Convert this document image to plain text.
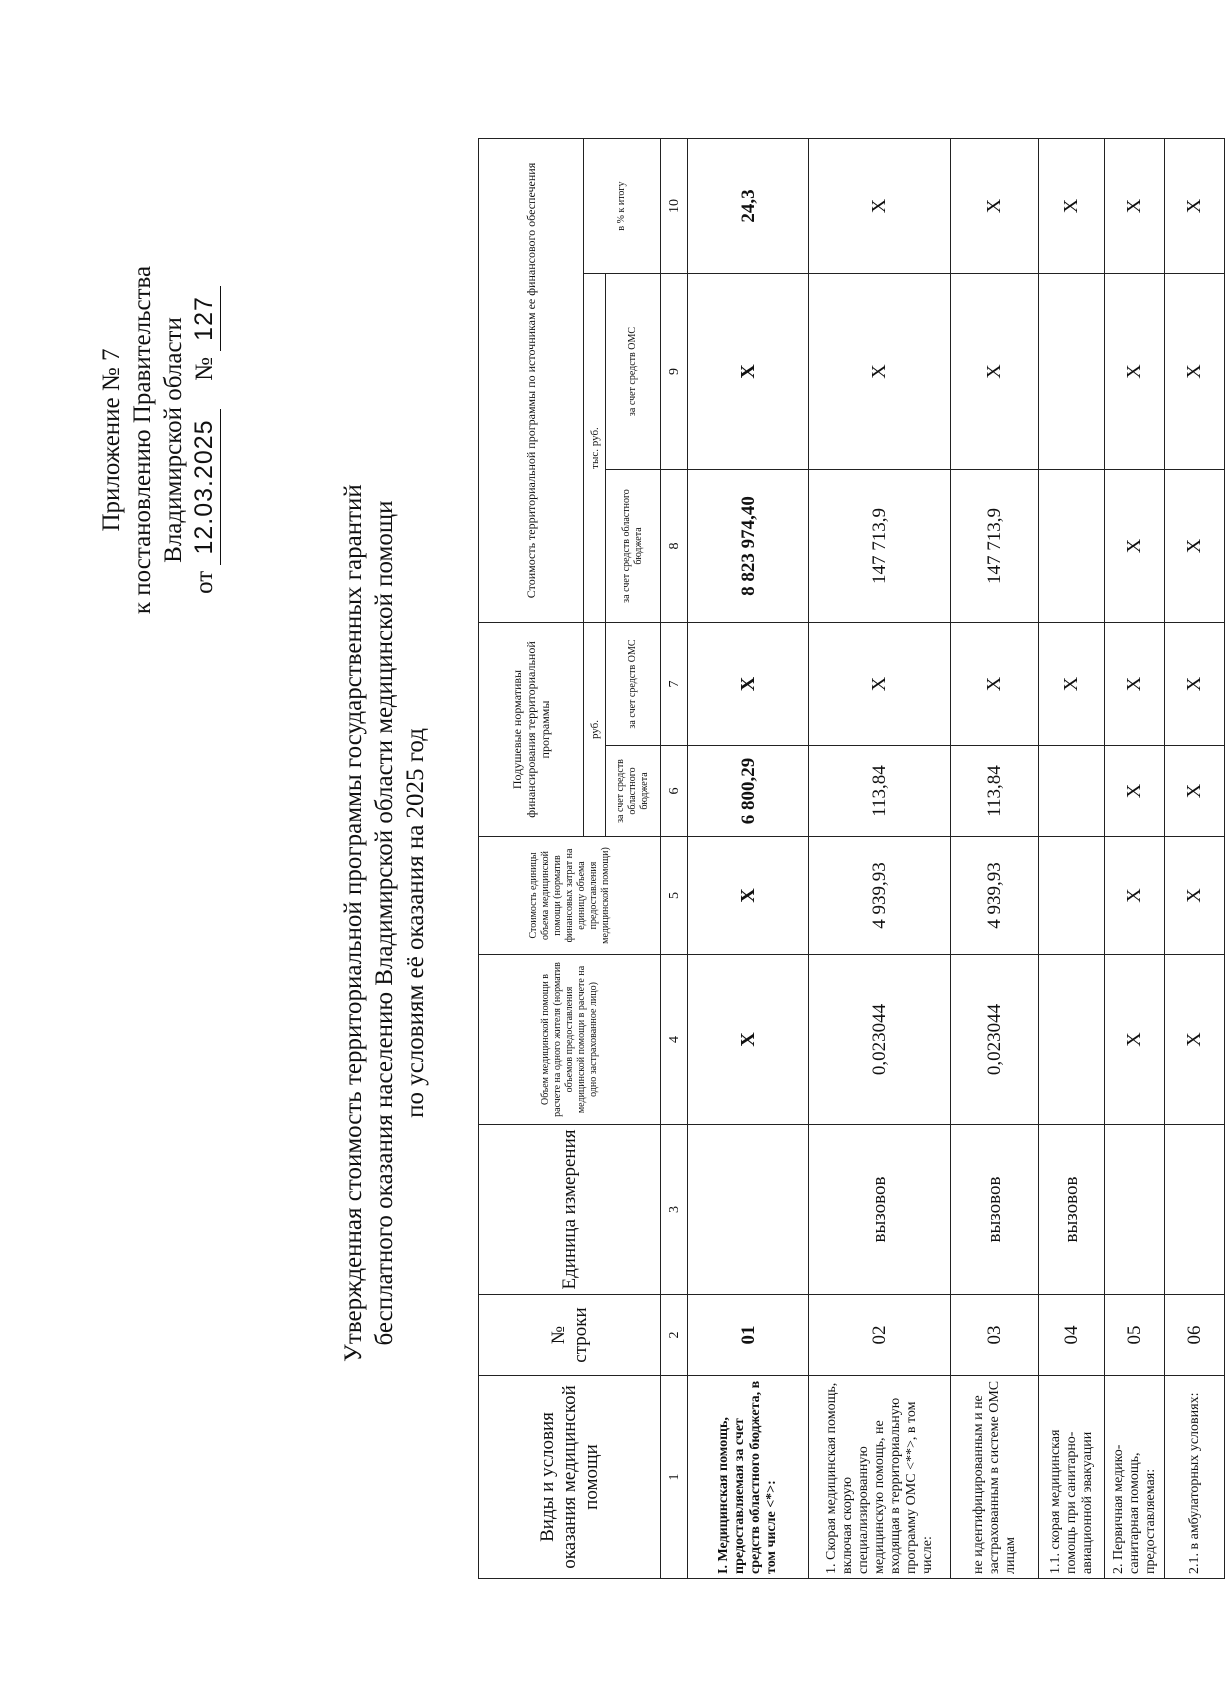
Приложение № 7 к постановлению Правительства Владимирской области
от 12.03.2025  № 127
Утвержденная стоимость территориальной программы государственных гарантий бесплатного оказания населению Владимирской области медицинской помощи по условиям её оказания на 2025 год
Виды и условия оказания медицинской помощи	№ строки	Единица измерения	Объем медицинской помощи в расчете на одного жителя (норматив объемов предоставления медицинской помощи в расчете на одно застрахованное лицо)	Стоимость единицы объема медицинской помощи (норматив финансовых затрат на единицу объема предоставления медицинской помощи)	Подушевые нормативы финансирования территориальной программы		Стоимость территориальной программы по источникам ее финансового обеспечения		
					руб.		тыс. руб.		в % к итогу
					за счет средств областного бюджета	за счет средств ОМС	за счет средств областного бюджета	за счет средств ОМС	
1	2	3	4	5	6	7	8	9	10
I. Медицинская помощь, предоставляемая за счет средств областного бюджета, в том числе <*>:	01		X	X	6 800,29	X	8 823 974,40	X	24,3
1. Скорая медицинская помощь, включая скорую специализированную медицинскую помощь, не входящая в территориальную программу ОМС <**>, в том числе:	02	вызовов	0,023044	4 939,93	113,84	X	147 713,9	X	X
не идентифицированным и не застрахованным в системе ОМС лицам	03	вызовов	0,023044	4 939,93	113,84	X	147 713,9	X	X
1.1. скорая медицинская помощь при санитарно-авиационной эвакуации	04	вызовов				X			X
2. Первичная медико-санитарная помощь, предоставляемая:	05		X	X	X	X	X	X	X
2.1. в амбулаторных условиях:	06		X	X	X	X	X	X	X
